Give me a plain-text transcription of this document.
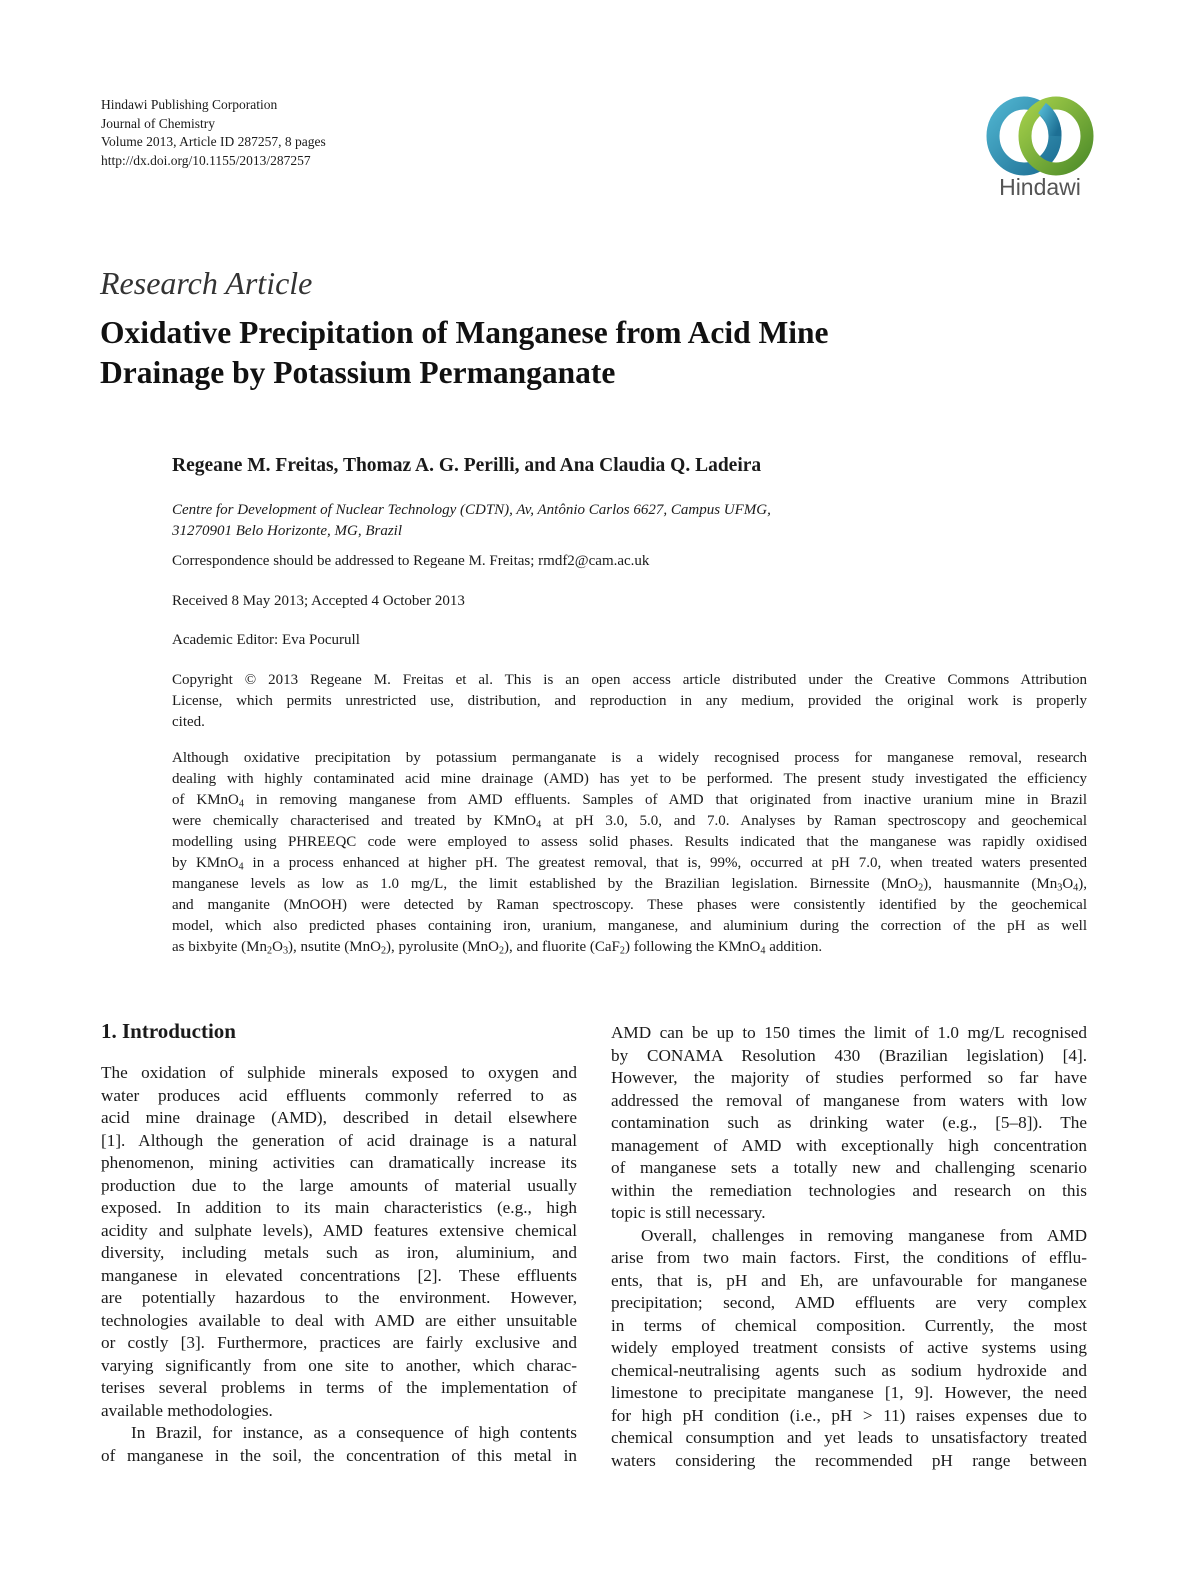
Hindawi Publishing Corporation
Journal of Chemistry
Volume 2013, Article ID 287257, 8 pages
http://dx.doi.org/10.1155/2013/287257
Hindawi
Research Article
Oxidative Precipitation of Manganese from Acid Mine
Drainage by Potassium Permanganate
Regeane M. Freitas, Thomaz A. G. Perilli, and Ana Claudia Q. Ladeira
Centre for Development of Nuclear Technology (CDTN), Av, Antônio Carlos 6627, Campus UFMG,
31270901 Belo Horizonte, MG, Brazil
Correspondence should be addressed to Regeane M. Freitas; rmdf2@cam.ac.uk
Received 8 May 2013; Accepted 4 October 2013
Academic Editor: Eva Pocurull
Copyright © 2013 Regeane M. Freitas et al. This is an open access article distributed under the Creative Commons Attribution
License, which permits unrestricted use, distribution, and reproduction in any medium, provided the original work is properly
cited.
Although oxidative precipitation by potassium permanganate is a widely recognised process for manganese removal, research
dealing with highly contaminated acid mine drainage (AMD) has yet to be performed. The present study investigated the efficiency
of KMnO$_4$ in removing manganese from AMD effluents. Samples of AMD that originated from inactive uranium mine in Brazil
were chemically characterised and treated by KMnO$_4$ at pH 3.0, 5.0, and 7.0. Analyses by Raman spectroscopy and geochemical
modelling using PHREEQC code were employed to assess solid phases. Results indicated that the manganese was rapidly oxidised
by KMnO$_4$ in a process enhanced at higher pH. The greatest removal, that is, 99%, occurred at pH 7.0, when treated waters presented
manganese levels as low as 1.0 mg/L, the limit established by the Brazilian legislation. Birnessite (MnO$_2$), hausmannite $(Mn_3O_4)$,
and manganite (MnOOH) were detected by Raman spectroscopy. These phases were consistently identified by the geochemical
model, which also predicted phases containing iron, uranium, manganese, and aluminium during the correction of the pH as well
as bixbyite $(Mn_2O_3)$, nsutite (MnO$_2$), pyrolusite (MnO$_2$), and fluorite (CaF$_2$) following the KMnO$_4$ addition.
1. Introduction
The oxidation of sulphide minerals exposed to oxygen and
water produces acid effluents commonly referred to as
acid mine drainage (AMD), described in detail elsewhere
[1]. Although the generation of acid drainage is a natural
phenomenon, mining activities can dramatically increase its
production due to the large amounts of material usually
exposed. In addition to its main characteristics (e.g., high
acidity and sulphate levels), AMD features extensive chemical
diversity, including metals such as iron, aluminium, and
manganese in elevated concentrations [2]. These effluents
are potentially hazardous to the environment. However,
technologies available to deal with AMD are either unsuitable
or costly [3]. Furthermore, practices are fairly exclusive and
varying significantly from one site to another, which charac-
terises several problems in terms of the implementation of
available methodologies.
In Brazil, for instance, as a consequence of high contents
of manganese in the soil, the concentration of this metal in
AMD can be up to 150 times the limit of 1.0 mg/L recognised
by CONAMA Resolution 430 (Brazilian legislation) [4].
However, the majority of studies performed so far have
addressed the removal of manganese from waters with low
contamination such as drinking water (e.g., [5–8]). The
management of AMD with exceptionally high concentration
of manganese sets a totally new and challenging scenario
within the remediation technologies and research on this
topic is still necessary.
Overall, challenges in removing manganese from AMD
arise from two main factors. First, the conditions of efflu-
ents, that is, pH and Eh, are unfavourable for manganese
precipitation; second, AMD effluents are very complex
in terms of chemical composition. Currently, the most
widely employed treatment consists of active systems using
chemical-neutralising agents such as sodium hydroxide and
limestone to precipitate manganese [1, 9]. However, the need
for high pH condition (i.e., pH > 11) raises expenses due to
chemical consumption and yet leads to unsatisfactory treated
waters considering the recommended pH range between
